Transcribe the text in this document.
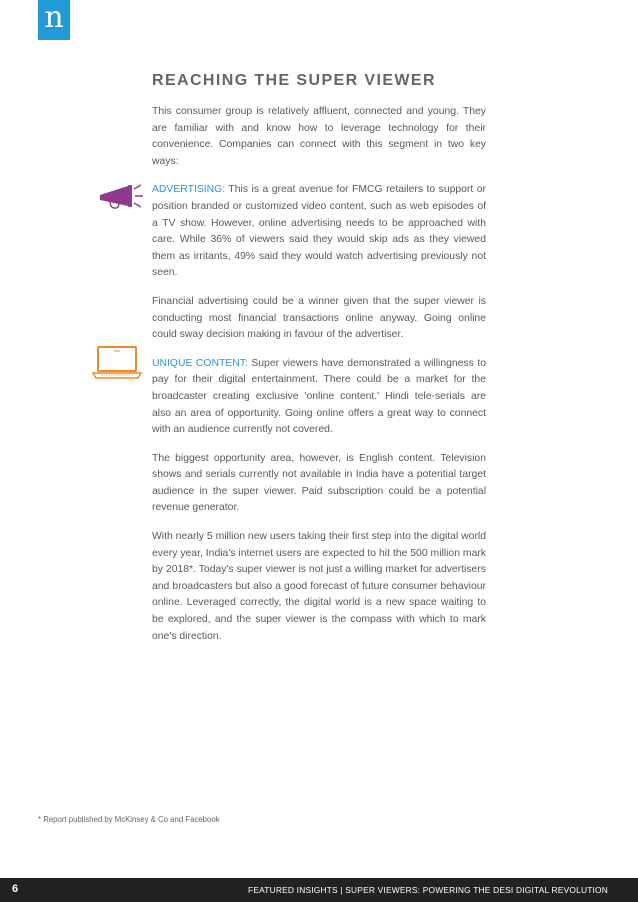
n
REACHING THE SUPER VIEWER

This consumer group is relatively affluent, connected and young. They are familiar with and know how to leverage technology for their convenience. Companies can connect with this segment in two key ways:

ADVERTISING: This is a great avenue for FMCG retailers to support or position branded or customized video content, such as web episodes of a TV show. However, online advertising needs to be approached with care. While 36% of viewers said they would skip ads as they viewed them as irritants, 49% said they would watch advertising previously not seen.

Financial advertising could be a winner given that the super viewer is conducting most financial transactions online anyway. Going online could sway decision making in favour of the advertiser.

UNIQUE CONTENT: Super viewers have demonstrated a willingness to pay for their digital entertainment. There could be a market for the broadcaster creating exclusive 'online content.' Hindi tele-serials are also an area of opportunity. Going online offers a great way to connect with an audience currently not covered.

The biggest opportunity area, however, is English content. Television shows and serials currently not available in India have a potential target audience in the super viewer. Paid subscription could be a potential revenue generator.

With nearly 5 million new users taking their first step into the digital world every year, India's internet users are expected to hit the 500 million mark by 2018*. Today's super viewer is not just a willing market for advertisers and broadcasters but also a good forecast of future consumer behaviour online. Leveraged correctly, the digital world is a new space waiting to be explored, and the super viewer is the compass with which to mark one's direction.

* Report published by McKinsey & Co and Facebook
6	FEATURED INSIGHTS | SUPER VIEWERS: POWERING THE DESI DIGITAL REVOLUTION
